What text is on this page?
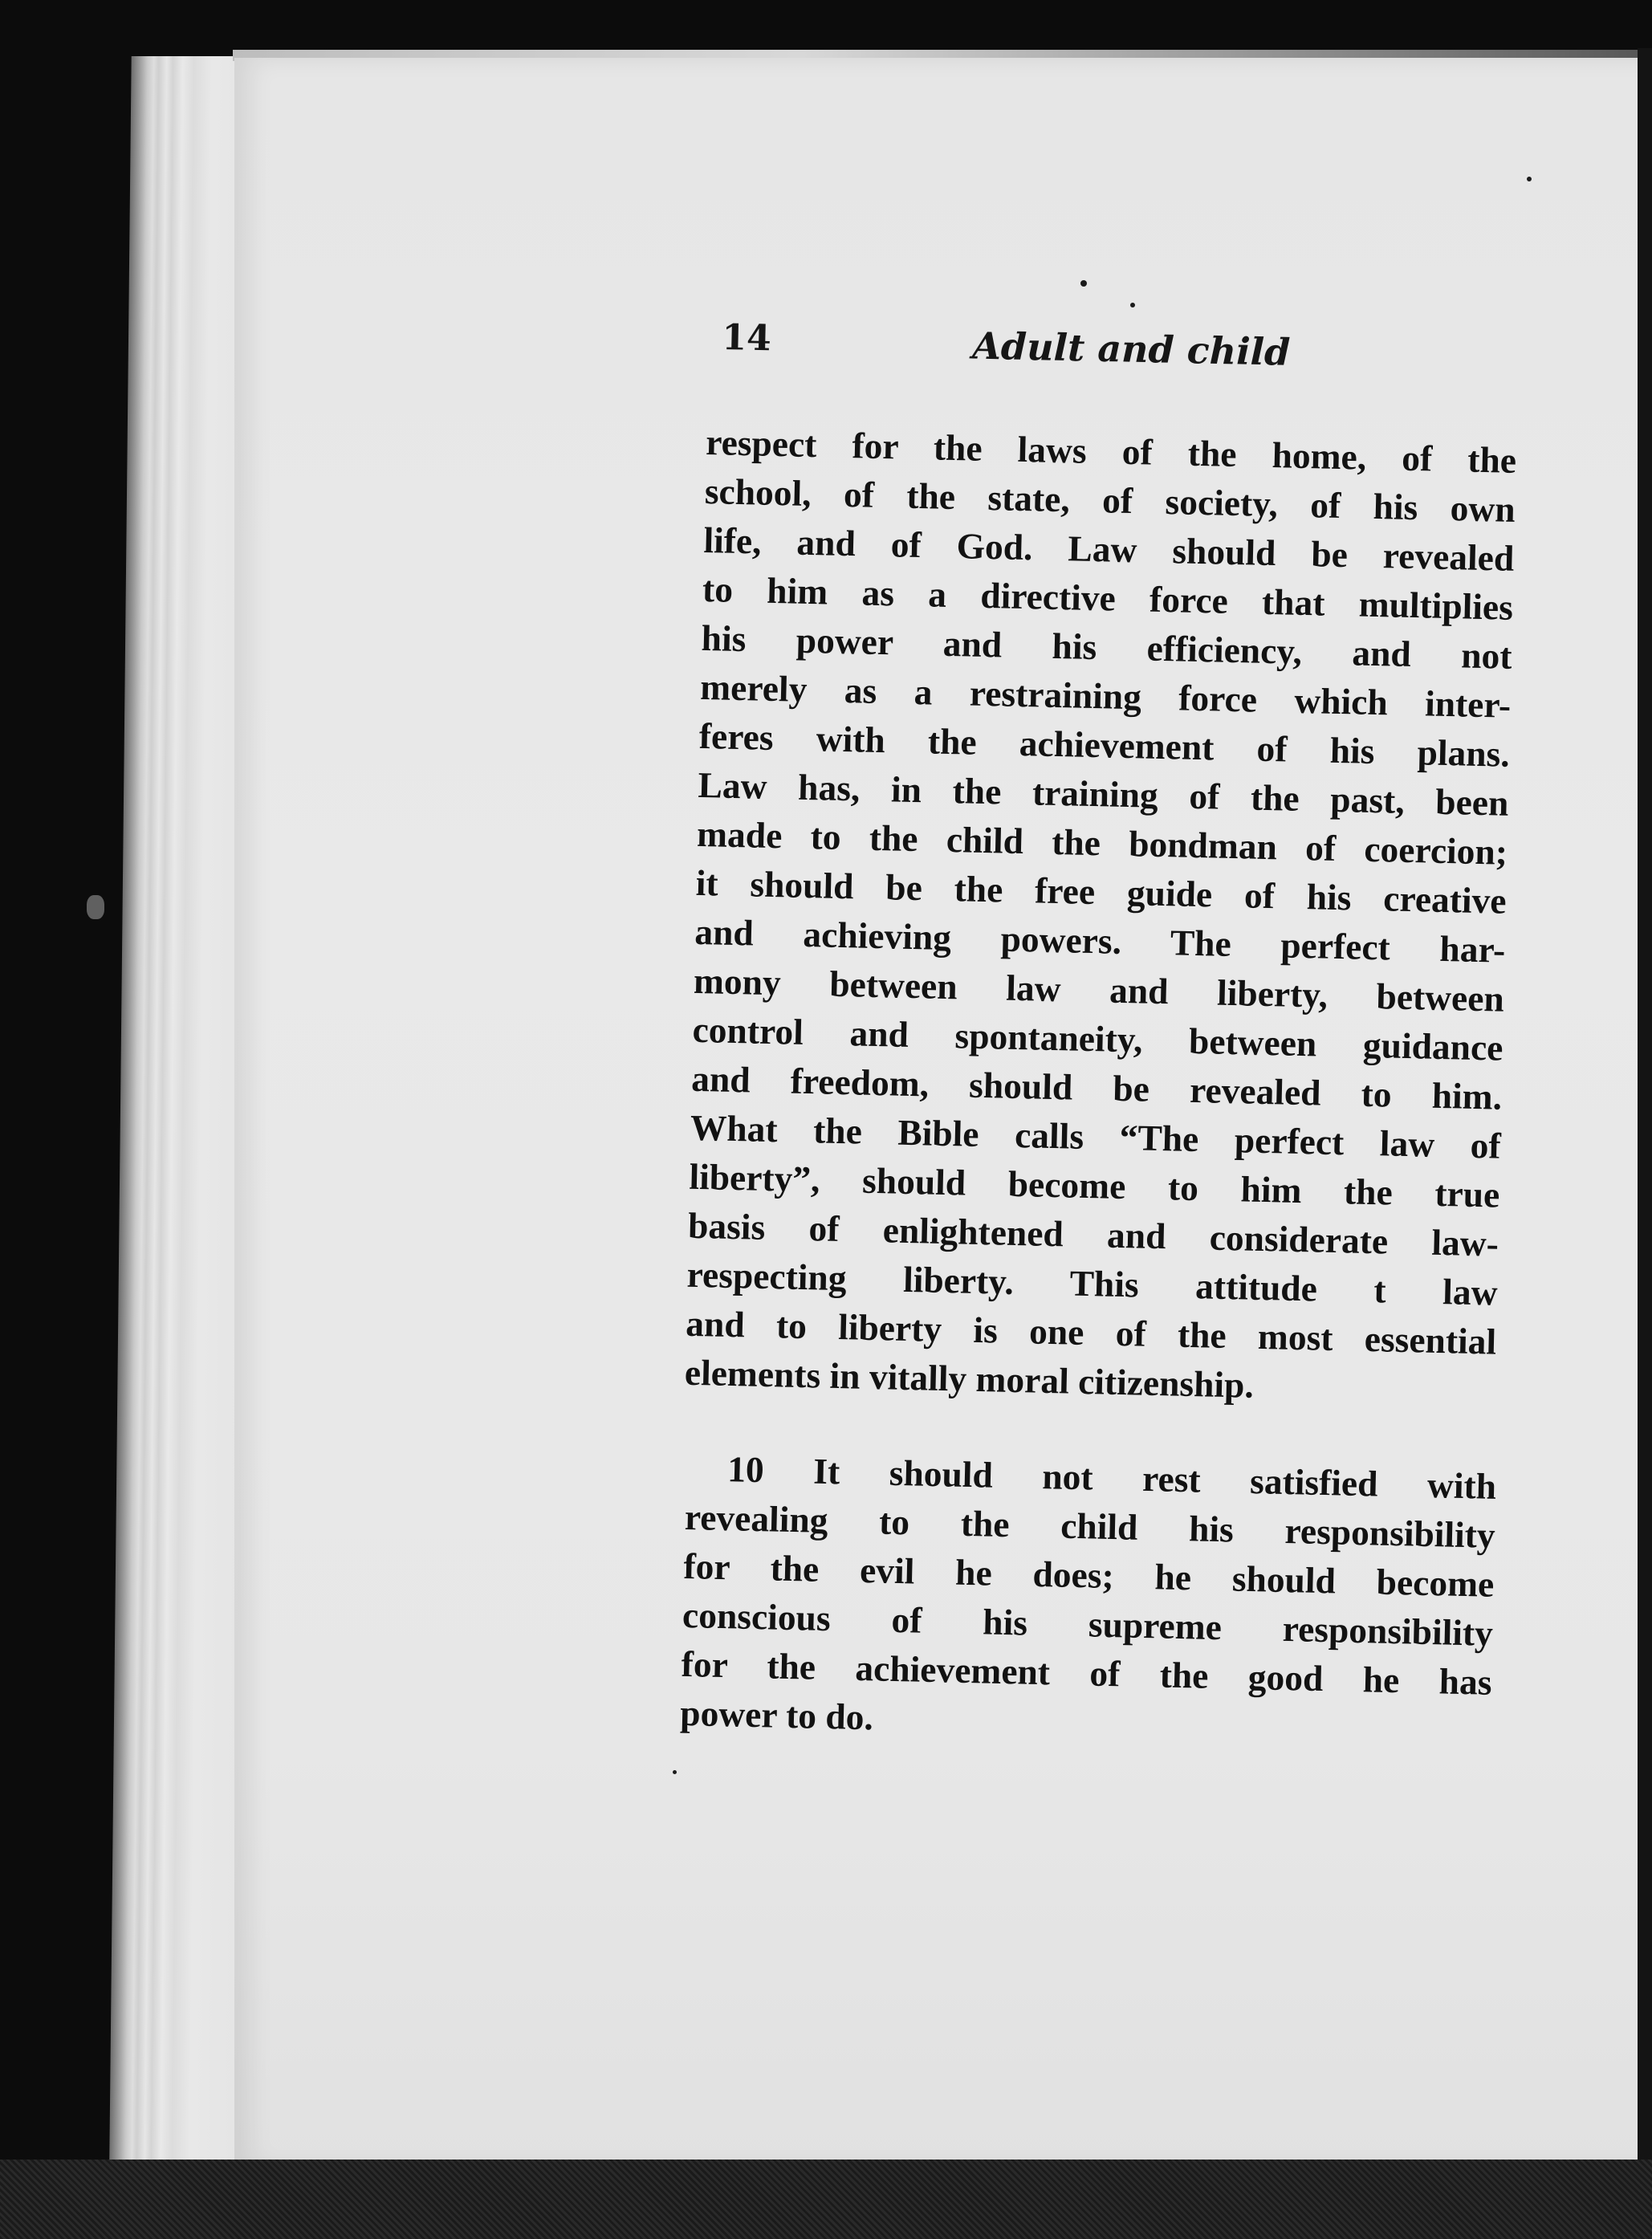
14	Adult and child
respect for the laws of the home, of the
school, of the state, of society, of his own
life, and of God. Law should be revealed
to him as a directive force that multiplies
his power and his efficiency, and not
merely as a restraining force which inter-
feres with the achievement of his plans.
Law has, in the training of the past, been
made to the child the bondman of coercion;
it should be the free guide of his creative
and achieving powers. The perfect har-
mony between law and liberty, between
control and spontaneity, between guidance
and freedom, should be revealed to him.
What the Bible calls “The perfect law of
liberty”, should become to him the true
basis of enlightened and considerate law-
respecting liberty. This attitude t law
and to liberty is one of the most essential
elements in vitally moral citizenship.
10 It should not rest satisfied with
revealing to the child his responsibility
for the evil he does; he should become
conscious of his supreme responsibility
for the achievement of the good he has
power to do.
